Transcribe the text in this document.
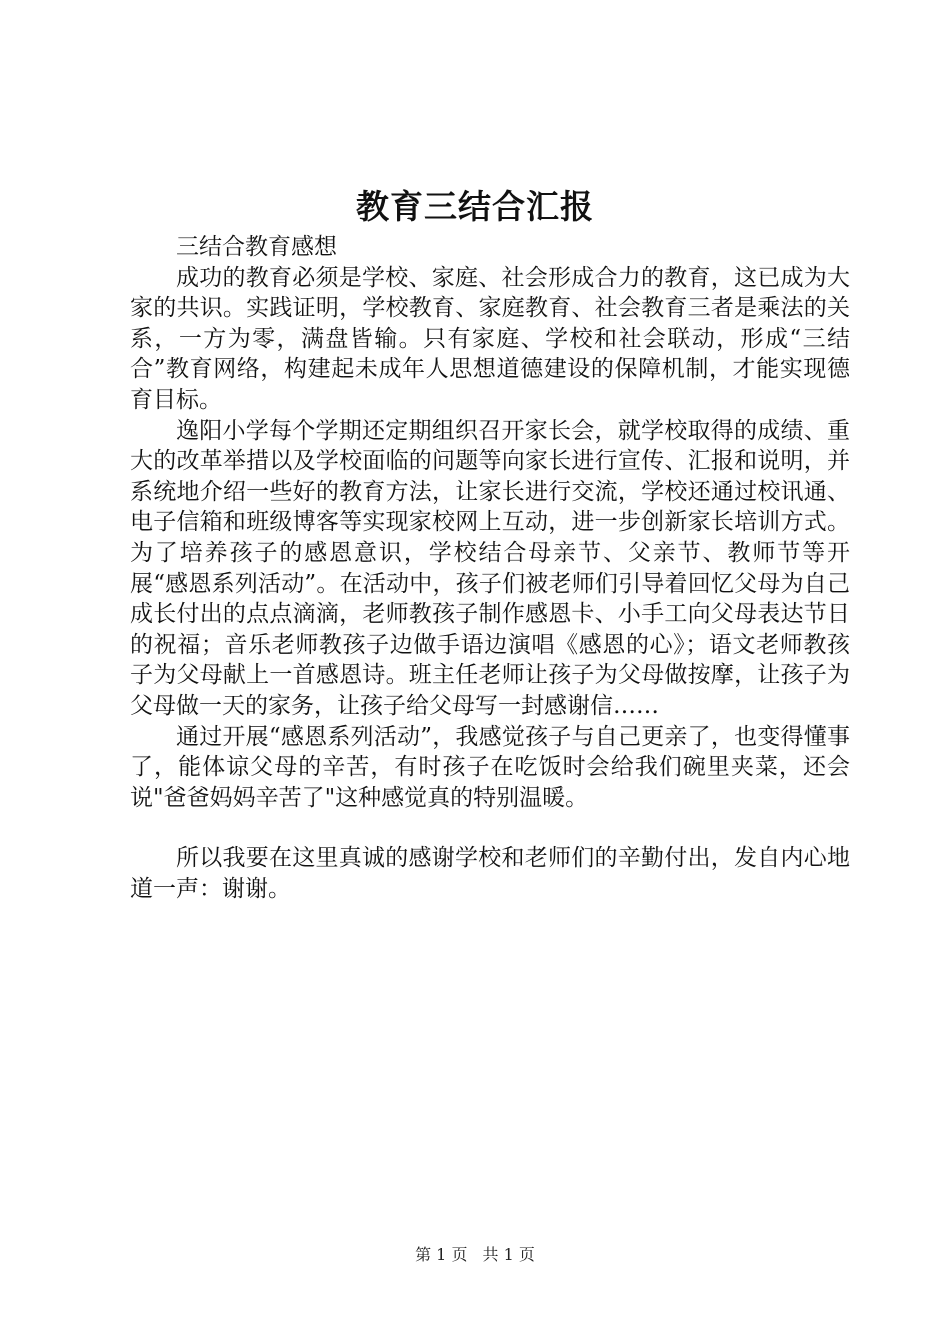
教育三结合汇报

三结合教育感想

成功的教育必须是学校、家庭、社会形成合力的教育，这已成为大家的共识。实践证明，学校教育、家庭教育、社会教育三者是乘法的关系，一方为零，满盘皆输。只有家庭、学校和社会联动，形成“三结合”教育网络，构建起未成年人思想道德建设的保障机制，才能实现德育目标。

逸阳小学每个学期还定期组织召开家长会，就学校取得的成绩、重大的改革举措以及学校面临的问题等向家长进行宣传、汇报和说明，并系统地介绍一些好的教育方法，让家长进行交流，学校还通过校讯通、电子信箱和班级博客等实现家校网上互动，进一步创新家长培训方式。为了培养孩子的感恩意识，学校结合母亲节、父亲节、教师节等开展“感恩系列活动”。在活动中，孩子们被老师们引导着回忆父母为自己成长付出的点点滴滴，老师教孩子制作感恩卡、小手工向父母表达节日的祝福；音乐老师教孩子边做手语边演唱《感恩的心》；语文老师教孩子为父母献上一首感恩诗。班主任老师让孩子为父母做按摩，让孩子为父母做一天的家务，让孩子给父母写一封感谢信……

通过开展“感恩系列活动”，我感觉孩子与自己更亲了，也变得懂事了，能体谅父母的辛苦，有时孩子在吃饭时会给我们碗里夹菜，还会说"爸爸妈妈辛苦了"这种感觉真的特别温暖。

所以我要在这里真诚的感谢学校和老师们的辛勤付出，发自内心地道一声：谢谢。

第 1 页 共 1 页
